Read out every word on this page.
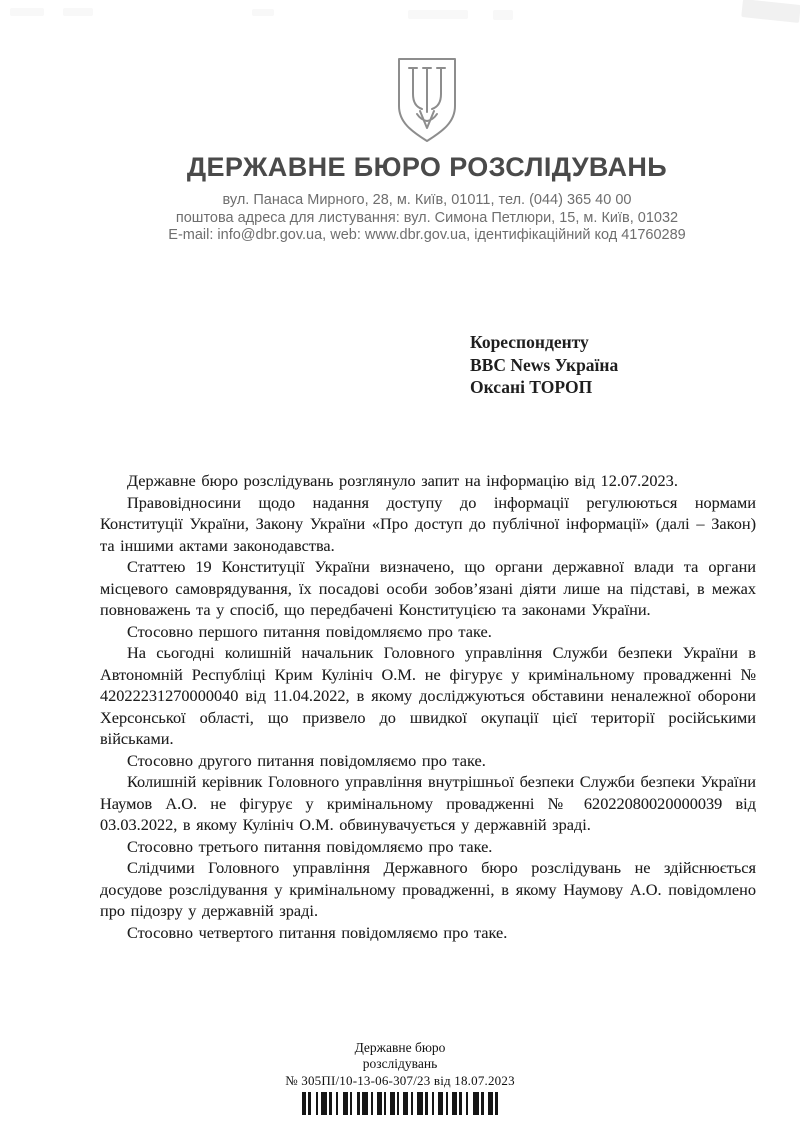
ДЕРЖАВНЕ БЮРО РОЗСЛІДУВАНЬ
вул. Панаса Мирного, 28, м. Київ, 01011, тел. (044) 365 40 00
поштова адреса для листування: вул. Симона Петлюри, 15, м. Київ, 01032
E-mail: info@dbr.gov.ua, web: www.dbr.gov.ua, ідентифікаційний код 41760289
Кореспонденту
BBC News Україна
Оксані ТОРОП

Державне бюро розслідувань розглянуло запит на інформацію від 12.07.2023.

Правовідносини щодо надання доступу до інформації регулюються нормами Конституції України, Закону України «Про доступ до публічної інформації» (далі – Закон) та іншими актами законодавства.

Статтею 19 Конституції України визначено, що органи державної влади та органи місцевого самоврядування, їх посадові особи зобов’язані діяти лише на підставі, в межах повноважень та у спосіб, що передбачені Конституцією та законами України.

Стосовно першого питання повідомляємо про таке.

На сьогодні колишній начальник Головного управління Служби безпеки України в Автономній Республіці Крим Кулініч О.М. не фігурує у кримінальному провадженні № 42022231270000040 від 11.04.2022, в якому досліджуються обставини неналежної оборони Херсонської області, що призвело до швидкої окупації цієї території російськими військами.

Стосовно другого питання повідомляємо про таке.

Колишній керівник Головного управління внутрішньої безпеки Служби безпеки України Наумов А.О. не фігурує у кримінальному провадженні № 62022080020000039 від 03.03.2022, в якому Кулініч О.М. обвинувачується у державній зраді.

Стосовно третього питання повідомляємо про таке.

Слідчими Головного управління Державного бюро розслідувань не здійснюється досудове розслідування у кримінальному провадженні, в якому Наумову А.О. повідомлено про підозру у державній зраді.

Стосовно четвертого питання повідомляємо про таке.

Державне бюро
розслідувань
№ 305ПІ/10-13-06-307/23 від 18.07.2023
